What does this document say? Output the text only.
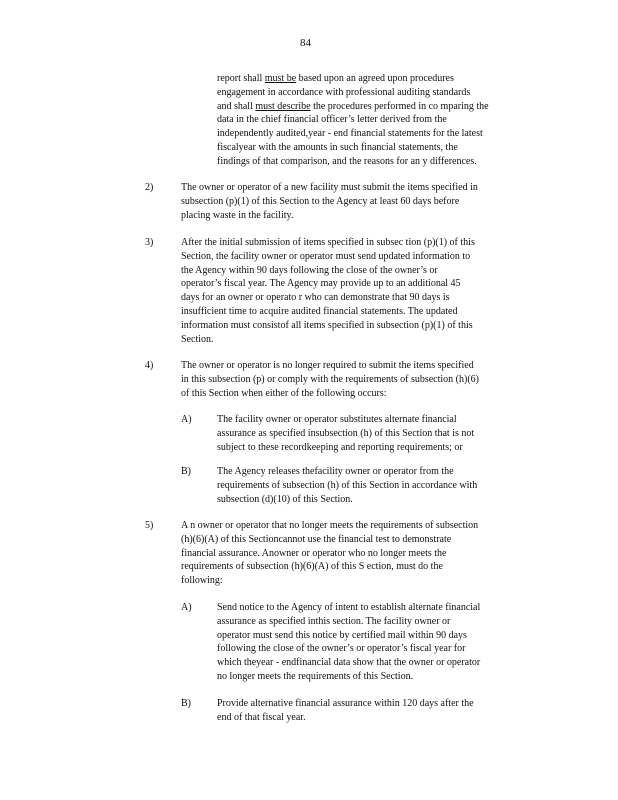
84
report shall must be based upon an agreed upon procedures
engagement in accordance with professional auditing standards
and shall must describe the procedures performed in co mparing the
data in the chief financial officer’s letter derived from the
independently audited,year - end financial statements for the latest
fiscalyear with the amounts in such financial statements, the
findings of that comparison, and the reasons for an y differences.
2)	The owner or operator of a new facility must submit the items specified in
subsection (p)(1) of this Section to the Agency at least 60 days before
placing waste in the facility.
3)	After the initial submission of items specified in subsec tion (p)(1) of this
Section, the facility owner or operator must send updated information to
the Agency within 90 days following the close of the owner’s or
operator’s fiscal year. The Agency may provide up to an additional 45
days for an owner or operato r who can demonstrate that 90 days is
insufficient time to acquire audited financial statements. The updated
information must consistof all items specified in subsection (p)(1) of this
Section.
4)	The owner or operator is no longer required to submit the items specified
in this subsection (p) or comply with the requirements of subsection (h)(6)
of this Section when either of the following occurs:
A)	The facility owner or operator substitutes alternate financial
assurance as specified insubsection (h) of this Section that is not
subject to these recordkeeping and reporting requirements; or
B)	The Agency releases thefacility owner or operator from the
requirements of subsection (h) of this Section in accordance with
subsection (d)(10) of this Section.
5)	A n owner or operator that no longer meets the requirements of subsection
(h)(6)(A) of this Sectioncannot use the financial test to demonstrate
financial assurance. Anowner or operator who no longer meets the
requirements of subsection (h)(6)(A) of this S ection, must do the
following:
A)	Send notice to the Agency of intent to establish alternate financial
assurance as specified inthis section. The facility owner or
operator must send this notice by certified mail within 90 days
following the close of the owner’s or operator’s fiscal year for
which theyear - endfinancial data show that the owner or operator
no longer meets the requirements of this Section.
B)	Provide alternative financial assurance within 120 days after the
end of that fiscal year.
